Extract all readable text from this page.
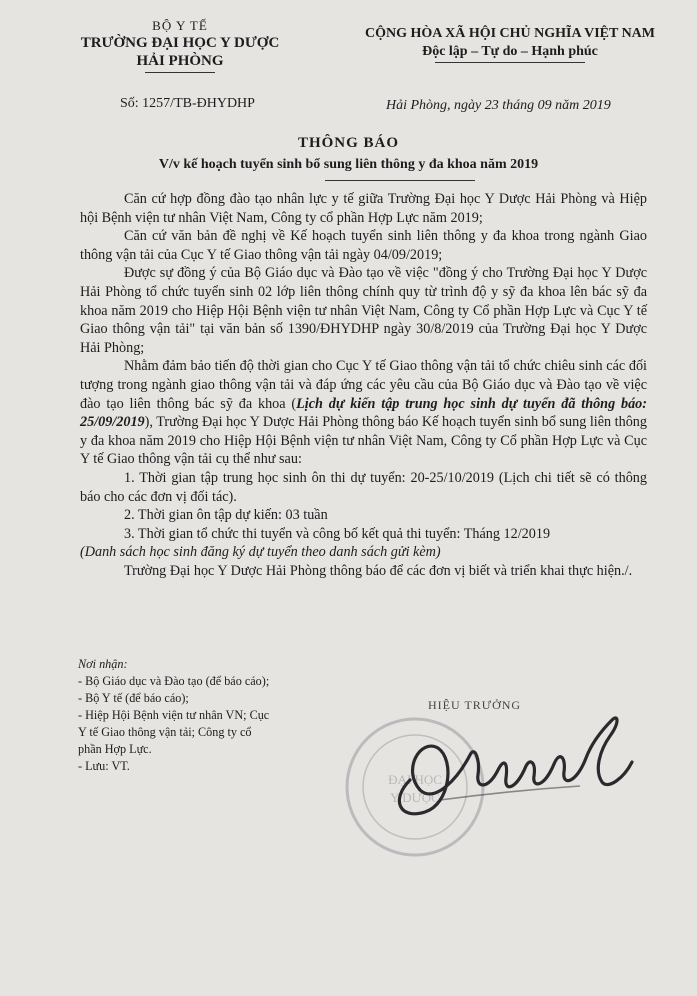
BỘ Y TẾ
TRƯỜNG ĐẠI HỌC Y DƯỢC
HẢI PHÒNG
CỘNG HÒA XÃ HỘI CHỦ NGHĨA VIỆT NAM
Độc lập – Tự do – Hạnh phúc
Số: 1257/TB-ĐHYDHP	Hải Phòng, ngày 23 tháng 09 năm 2019
THÔNG BÁO
V/v kế hoạch tuyển sinh bổ sung liên thông y đa khoa năm 2019

Căn cứ hợp đồng đào tạo nhân lực y tế giữa Trường Đại học Y Dược Hải Phòng và Hiệp hội Bệnh viện tư nhân Việt Nam, Công ty cổ phần Hợp Lực năm 2019;

Căn cứ văn bản đề nghị về Kế hoạch tuyển sinh liên thông y đa khoa trong ngành Giao thông vận tải của Cục Y tế Giao thông vận tải ngày 04/09/2019;

Được sự đồng ý của Bộ Giáo dục và Đào tạo về việc "đồng ý cho Trường Đại học Y Dược Hải Phòng tổ chức tuyển sinh 02 lớp liên thông chính quy từ trình độ y sỹ đa khoa lên bác sỹ đa khoa năm 2019 cho Hiệp Hội Bệnh viện tư nhân Việt Nam, Công ty Cổ phần Hợp Lực và Cục Y tế Giao thông vận tải" tại văn bản số 1390/ĐHYDHP ngày 30/8/2019 của Trường Đại học Y Dược Hải Phòng;

Nhằm đảm bảo tiến độ thời gian cho Cục Y tế Giao thông vận tải tổ chức chiêu sinh các đối tượng trong ngành giao thông vận tải và đáp ứng các yêu cầu của Bộ Giáo dục và Đào tạo về việc đào tạo liên thông bác sỹ đa khoa (Lịch dự kiến tập trung học sinh dự tuyển đã thông báo: 25/09/2019), Trường Đại học Y Dược Hải Phòng thông báo Kế hoạch tuyển sinh bổ sung liên thông y đa khoa năm 2019 cho Hiệp Hội Bệnh viện tư nhân Việt Nam, Công ty Cổ phần Hợp Lực và Cục Y tế Giao thông vận tải cụ thể như sau:

1. Thời gian tập trung học sinh ôn thi dự tuyển: 20-25/10/2019 (Lịch chi tiết sẽ có thông báo cho các đơn vị đối tác).

2. Thời gian ôn tập dự kiến: 03 tuần

3. Thời gian tổ chức thi tuyển và công bố kết quả thi tuyển: Tháng 12/2019

(Danh sách học sinh đăng ký dự tuyển theo danh sách gửi kèm)

Trường Đại học Y Dược Hải Phòng thông báo để các đơn vị biết và triển khai thực hiện./.

Nơi nhận:
- Bộ Giáo dục và Đào tạo (để báo cáo);
- Bộ Y tế (để báo cáo);
- Hiệp Hội Bệnh viện tư nhân VN; Cục
Y tế Giao thông vận tải; Công ty cổ
phần Hợp Lực.
- Lưu: VT.
ĐẠI HỌC
Y DƯỢC
HIỆU TRƯỞNG
